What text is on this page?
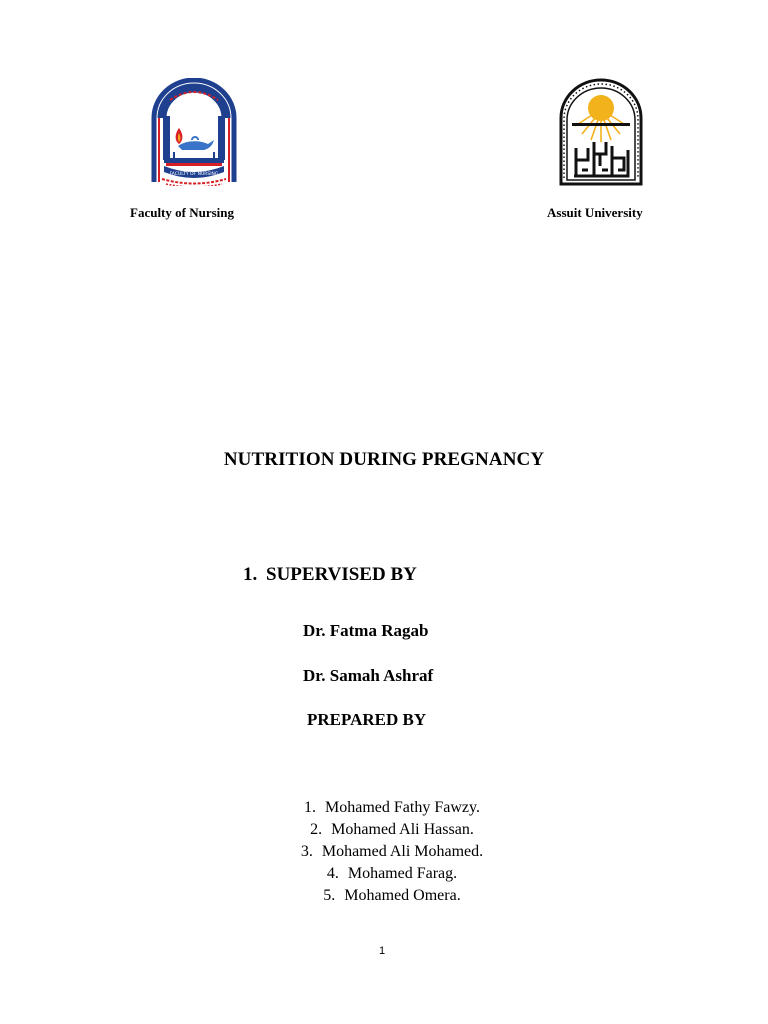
FACULTY OF NURSING
Faculty of Nursing	Assuit University
NUTRITION DURING PREGNANCY
1. SUPERVISED BY
Dr. Fatma Ragab
Dr. Samah Ashraf
PREPARED BY
1. Mohamed Fathy Fawzy.
2. Mohamed Ali Hassan.
3. Mohamed Ali Mohamed.
4. Mohamed Farag.
5. Mohamed Omera.
1
